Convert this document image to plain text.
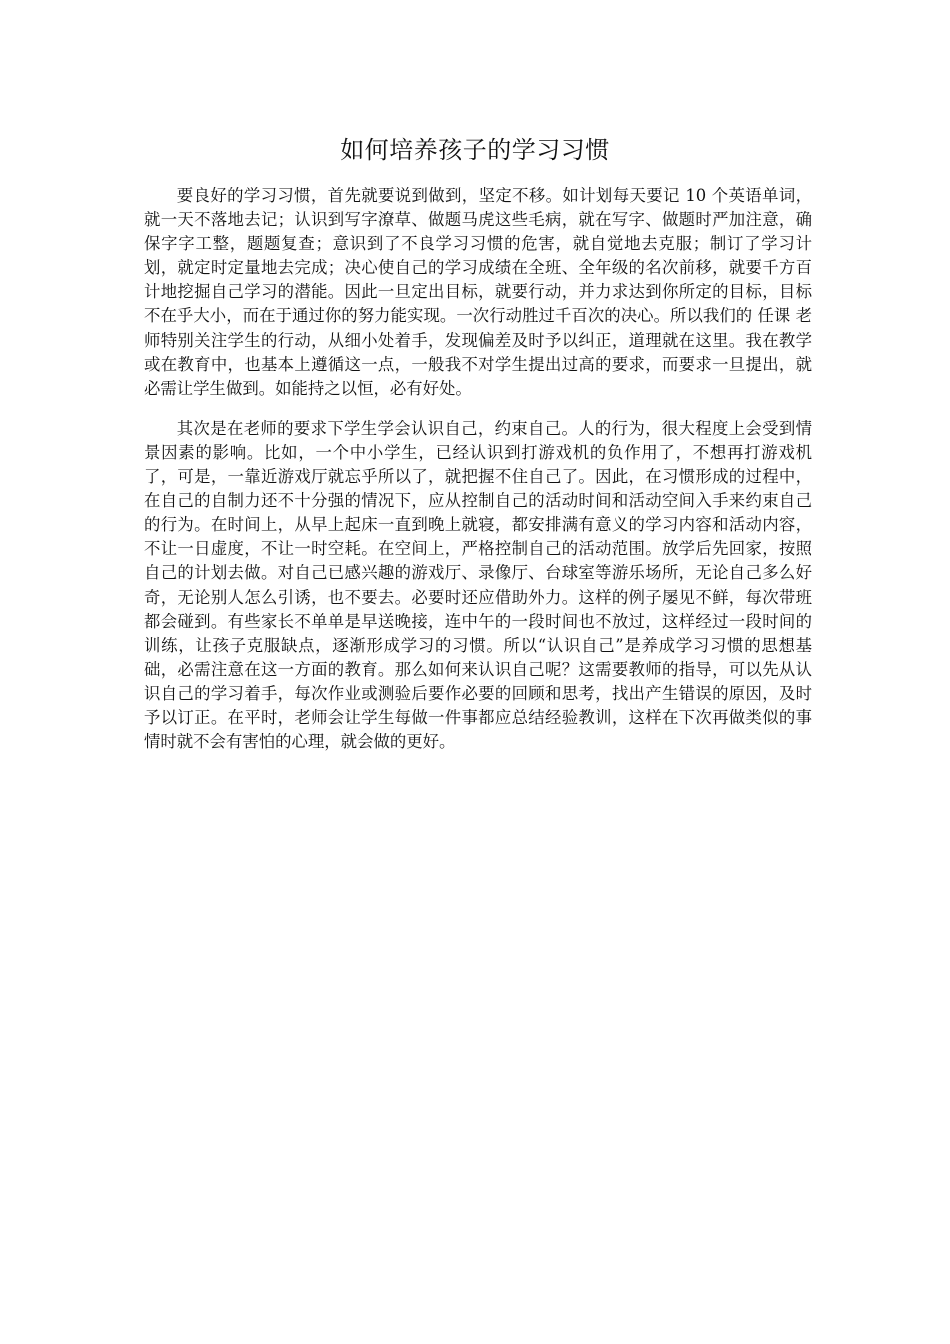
如何培养孩子的学习习惯

要良好的学习习惯，首先就要说到做到，坚定不移。如计划每天要记 10 个英语单词，就一天不落地去记；认识到写字潦草、做题马虎这些毛病，就在写字、做题时严加注意，确保字字工整，题题复查；意识到了不良学习习惯的危害，就自觉地去克服；制订了学习计划，就定时定量地去完成；决心使自己的学习成绩在全班、全年级的名次前移，就要千方百计地挖掘自己学习的潜能。因此一旦定出目标，就要行动，并力求达到你所定的目标，目标不在乎大小，而在于通过你的努力能实现。一次行动胜过千百次的决心。所以我们的 任课 老师特别关注学生的行动，从细小处着手，发现偏差及时予以纠正，道理就在这里。我在教学或在教育中，也基本上遵循这一点，一般我不对学生提出过高的要求，而要求一旦提出，就必需让学生做到。如能持之以恒，必有好处。

其次是在老师的要求下学生学会认识自己，约束自己。人的行为，很大程度上会受到情景因素的影响。比如，一个中小学生，已经认识到打游戏机的负作用了，不想再打游戏机了，可是，一靠近游戏厅就忘乎所以了，就把握不住自己了。因此，在习惯形成的过程中，在自己的自制力还不十分强的情况下，应从控制自己的活动时间和活动空间入手来约束自己的行为。在时间上，从早上起床一直到晚上就寝，都安排满有意义的学习内容和活动内容，不让一日虚度，不让一时空耗。在空间上，严格控制自己的活动范围。放学后先回家，按照自己的计划去做。对自己已感兴趣的游戏厅、录像厅、台球室等游乐场所，无论自己多么好奇，无论别人怎么引诱，也不要去。必要时还应借助外力。这样的例子屡见不鲜，每次带班都会碰到。有些家长不单单是早送晚接，连中午的一段时间也不放过，这样经过一段时间的训练，让孩子克服缺点，逐渐形成学习的习惯。所以“认识自己”是养成学习习惯的思想基础，必需注意在这一方面的教育。那么如何来认识自己呢？这需要教师的指导，可以先从认识自己的学习着手，每次作业或测验后要作必要的回顾和思考，找出产生错误的原因，及时予以订正。在平时，老师会让学生每做一件事都应总结经验教训，这样在下次再做类似的事情时就不会有害怕的心理，就会做的更好。
